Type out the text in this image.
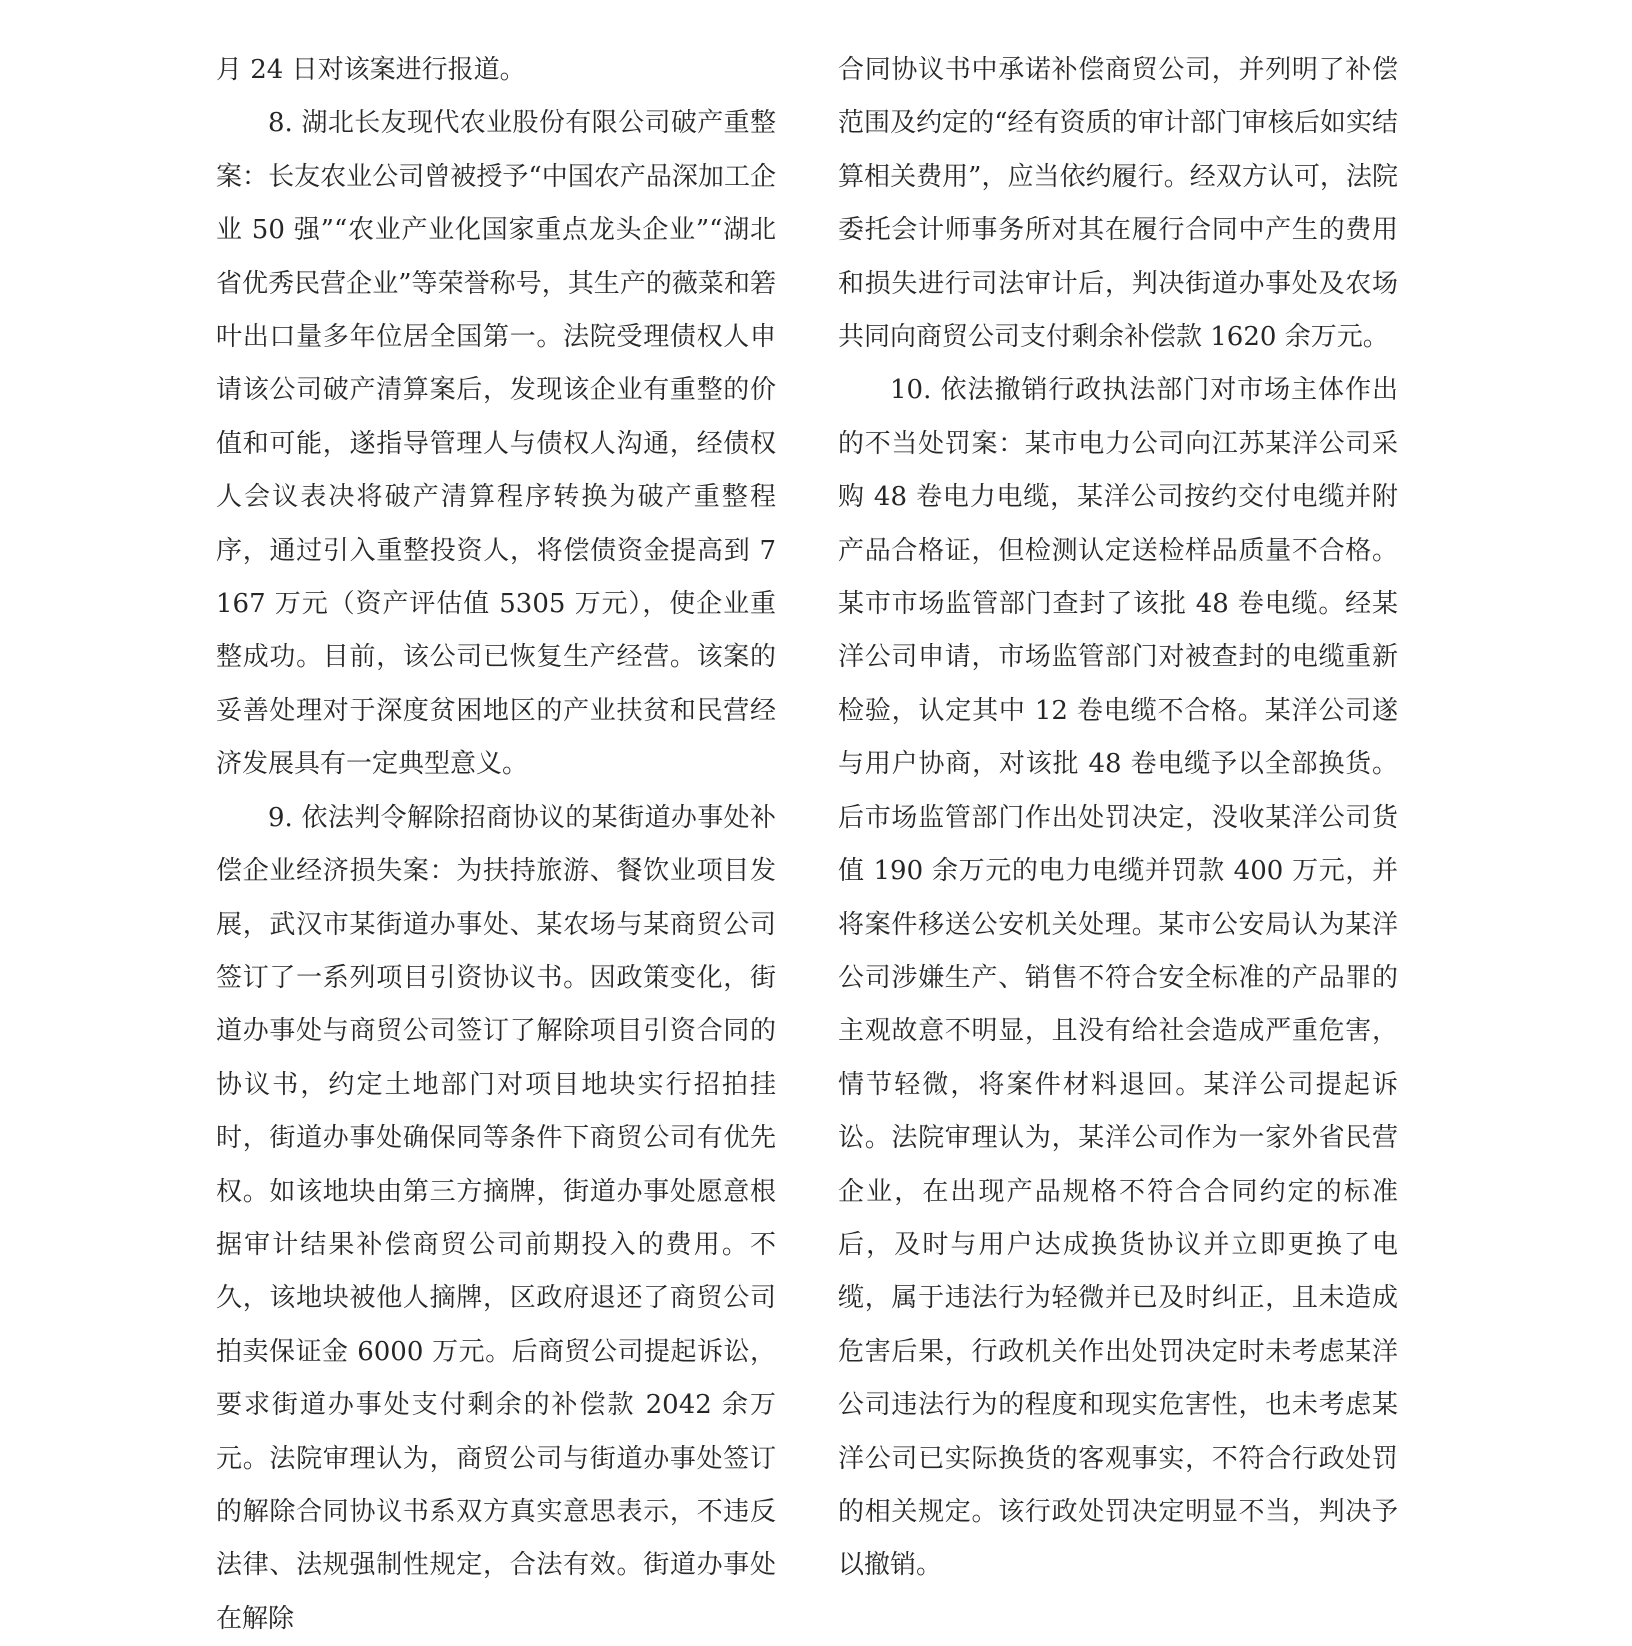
月 24 日对该案进行报道。

8. 湖北长友现代农业股份有限公司破产重整案：长友农业公司曾被授予“中国农产品深加工企业 50 强”“农业产业化国家重点龙头企业”“湖北省优秀民营企业”等荣誉称号，其生产的薇菜和箬叶出口量多年位居全国第一。法院受理债权人申请该公司破产清算案后，发现该企业有重整的价值和可能，遂指导管理人与债权人沟通，经债权人会议表决将破产清算程序转换为破产重整程序，通过引入重整投资人，将偿债资金提高到 7167 万元（资产评估值 5305 万元），使企业重整成功。目前，该公司已恢复生产经营。该案的妥善处理对于深度贫困地区的产业扶贫和民营经济发展具有一定典型意义。

9. 依法判令解除招商协议的某街道办事处补偿企业经济损失案：为扶持旅游、餐饮业项目发展，武汉市某街道办事处、某农场与某商贸公司签订了一系列项目引资协议书。因政策变化，街道办事处与商贸公司签订了解除项目引资合同的协议书，约定土地部门对项目地块实行招拍挂时，街道办事处确保同等条件下商贸公司有优先权。如该地块由第三方摘牌，街道办事处愿意根据审计结果补偿商贸公司前期投入的费用。不久，该地块被他人摘牌，区政府退还了商贸公司拍卖保证金 6000 万元。后商贸公司提起诉讼，要求街道办事处支付剩余的补偿款 2042 余万元。法院审理认为，商贸公司与街道办事处签订的解除合同协议书系双方真实意思表示，不违反法律、法规强制性规定，合法有效。街道办事处在解除

合同协议书中承诺补偿商贸公司，并列明了补偿范围及约定的“经有资质的审计部门审核后如实结算相关费用”，应当依约履行。经双方认可，法院委托会计师事务所对其在履行合同中产生的费用和损失进行司法审计后，判决街道办事处及农场共同向商贸公司支付剩余补偿款 1620 余万元。

10. 依法撤销行政执法部门对市场主体作出的不当处罚案：某市电力公司向江苏某洋公司采购 48 卷电力电缆，某洋公司按约交付电缆并附产品合格证，但检测认定送检样品质量不合格。某市市场监管部门查封了该批 48 卷电缆。经某洋公司申请，市场监管部门对被查封的电缆重新检验，认定其中 12 卷电缆不合格。某洋公司遂与用户协商，对该批 48 卷电缆予以全部换货。后市场监管部门作出处罚决定，没收某洋公司货值 190 余万元的电力电缆并罚款 400 万元，并将案件移送公安机关处理。某市公安局认为某洋公司涉嫌生产、销售不符合安全标准的产品罪的主观故意不明显，且没有给社会造成严重危害，情节轻微，将案件材料退回。某洋公司提起诉讼。法院审理认为，某洋公司作为一家外省民营企业，在出现产品规格不符合合同约定的标准后，及时与用户达成换货协议并立即更换了电缆，属于违法行为轻微并已及时纠正，且未造成危害后果，行政机关作出处罚决定时未考虑某洋公司违法行为的程度和现实危害性，也未考虑某洋公司已实际换货的客观事实，不符合行政处罚的相关规定。该行政处罚决定明显不当，判决予以撤销。
